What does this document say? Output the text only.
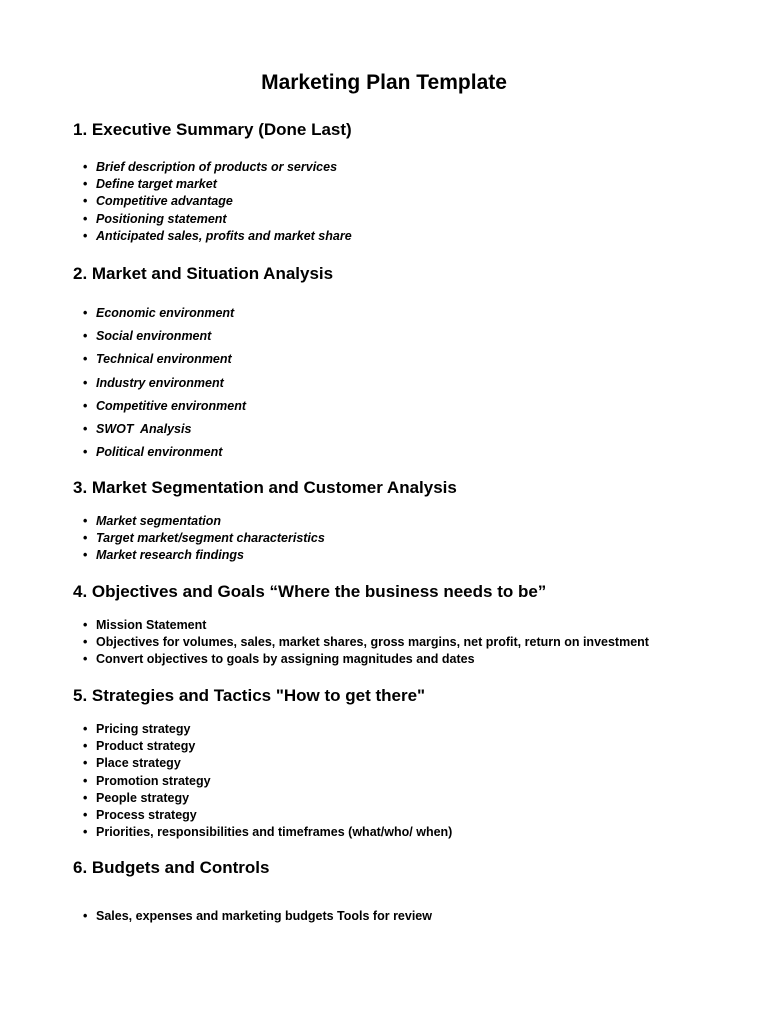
Marketing Plan Template
1. Executive Summary (Done Last)
• Brief description of products or services
• Define target market
• Competitive advantage
• Positioning statement
• Anticipated sales, profits and market share
2. Market and Situation Analysis
• Economic environment
• Social environment
• Technical environment
• Industry environment
• Competitive environment
• SWOT  Analysis
• Political environment
3. Market Segmentation and Customer Analysis
• Market segmentation
• Target market/segment characteristics
• Market research findings
4. Objectives and Goals “Where the business needs to be”
• Mission Statement
• Objectives for volumes, sales, market shares, gross margins, net profit, return on investment
• Convert objectives to goals by assigning magnitudes and dates
5. Strategies and Tactics "How to get there"
• Pricing strategy
• Product strategy
• Place strategy
• Promotion strategy
• People strategy
• Process strategy
• Priorities, responsibilities and timeframes (what/who/ when)
6. Budgets and Controls
• Sales, expenses and marketing budgets Tools for review
